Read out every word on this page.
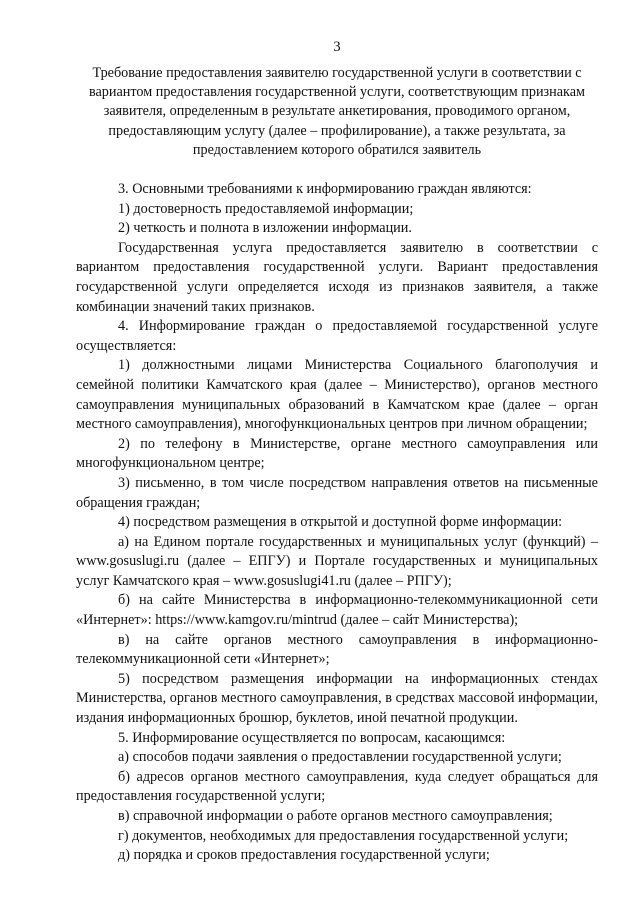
3
Требование предоставления заявителю государственной услуги в соответствии с вариантом предоставления государственной услуги, соответствующим признакам заявителя, определенным в результате анкетирования, проводимого органом, предоставляющим услугу (далее – профилирование), а также результата, за предоставлением которого обратился заявитель

3. Основными требованиями к информированию граждан являются:

1) достоверность предоставляемой информации;

2) четкость и полнота в изложении информации.

Государственная услуга предоставляется заявителю в соответствии с вариантом предоставления государственной услуги. Вариант предоставления государственной услуги определяется исходя из признаков заявителя, а также комбинации значений таких признаков.

4. Информирование граждан о предоставляемой государственной услуге осуществляется:

1) должностными лицами Министерства Социального благополучия и семейной политики Камчатского края (далее – Министерство), органов местного самоуправления муниципальных образований в Камчатском крае (далее – орган местного самоуправления), многофункциональных центров при личном обращении;

2) по телефону в Министерстве, органе местного самоуправления или многофункциональном центре;

3) письменно, в том числе посредством направления ответов на письменные обращения граждан;

4) посредством размещения в открытой и доступной форме информации:

а) на Едином портале государственных и муниципальных услуг (функций) – www.gosuslugi.ru (далее – ЕПГУ) и Портале государственных и муниципальных услуг Камчатского края – www.gosuslugi41.ru (далее – РПГУ);

б) на сайте Министерства в информационно-телекоммуникационной сети «Интернет»: https://www.kamgov.ru/mintrud (далее – сайт Министерства);

в) на сайте органов местного самоуправления в информационно-телекоммуникационной сети «Интернет»;

5) посредством размещения информации на информационных стендах Министерства, органов местного самоуправления, в средствах массовой информации, издания информационных брошюр, буклетов, иной печатной продукции.

5. Информирование осуществляется по вопросам, касающимся:

а) способов подачи заявления о предоставлении государственной услуги;

б) адресов органов местного самоуправления, куда следует обращаться для предоставления государственной услуги;

в) справочной информации о работе органов местного самоуправления;

г) документов, необходимых для предоставления государственной услуги;

д) порядка и сроков предоставления государственной услуги;
